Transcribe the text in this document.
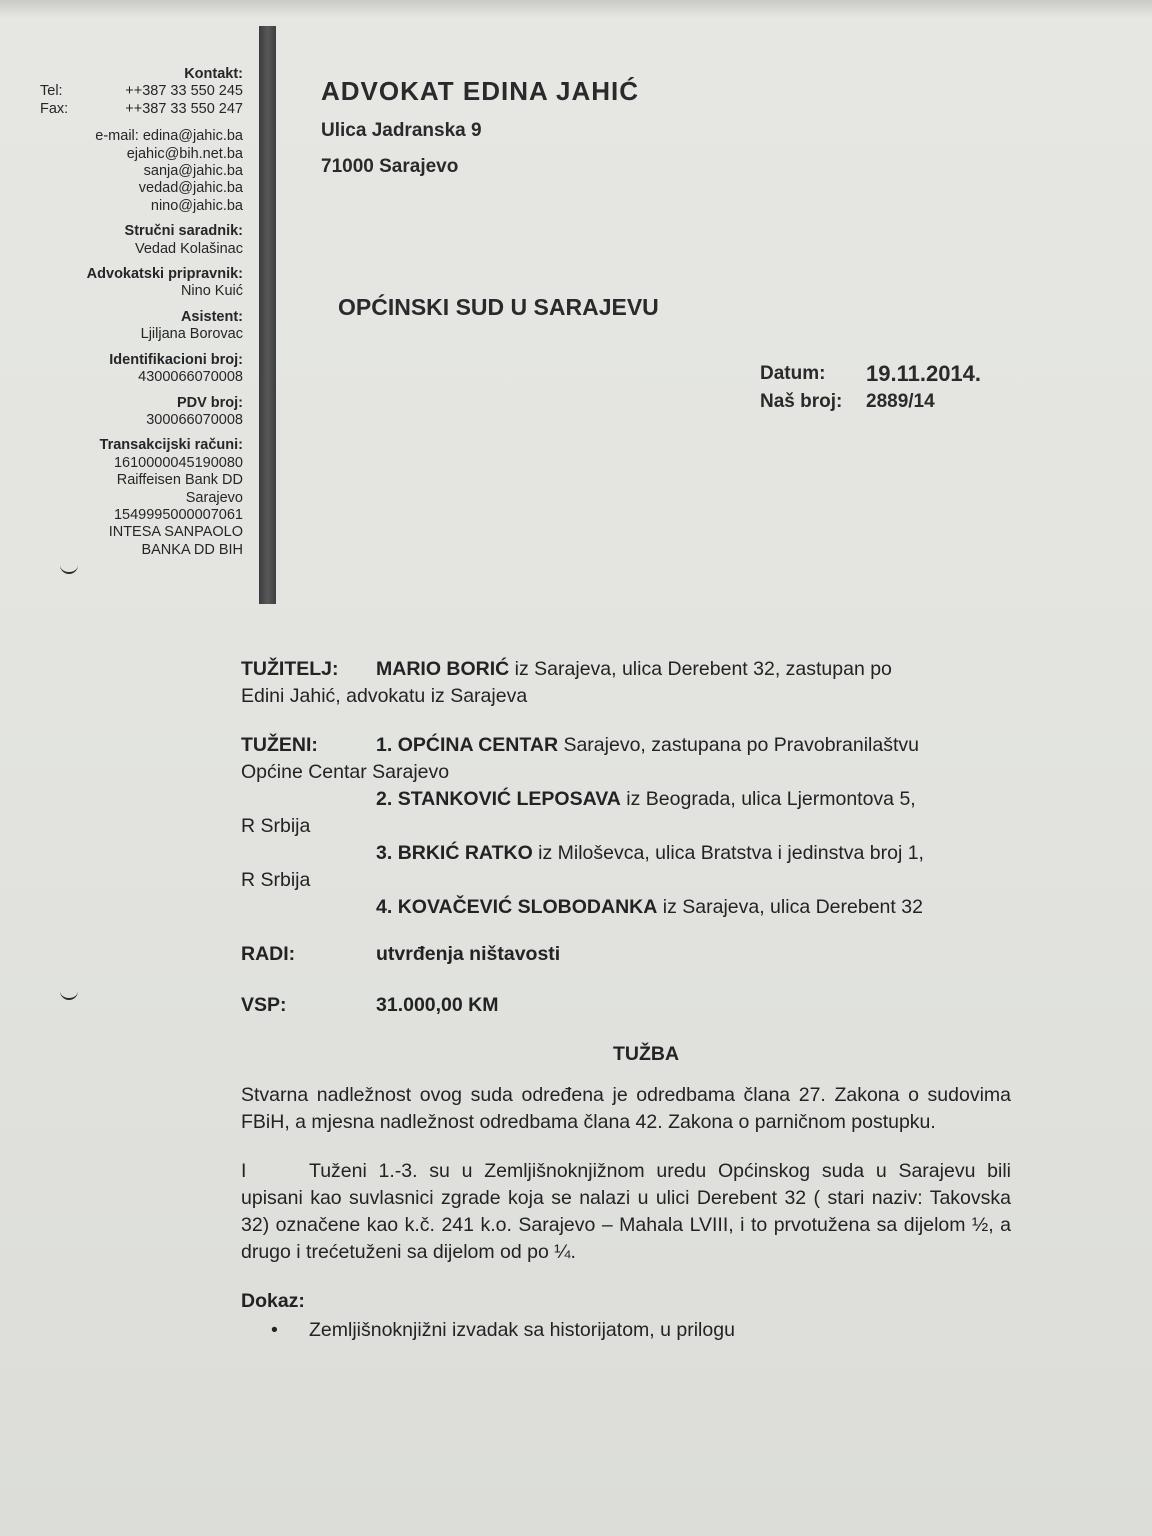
Kontakt:
Tel:	++387 33 550 245
Fax:	++387 33 550 247
e-mail: edina@jahic.ba
ejahic@bih.net.ba
sanja@jahic.ba
vedad@jahic.ba
nino@jahic.ba
Stručni saradnik:
Vedad Kolašinac
Advokatski pripravnik:
Nino Kuić
Asistent:
Ljiljana Borovac
Identifikacioni broj:
4300066070008
PDV broj:
300066070008
Transakcijski računi:
1610000045190080
Raiffeisen Bank DD
Sarajevo
1549995000007061
INTESA SANPAOLO
BANKA DD BIH
ADVOKAT EDINA JAHIĆ
Ulica Jadranska 9
71000 Sarajevo
OPĆINSKI SUD U SARAJEVU
Datum:	19.11.2014.
Naš broj:	2889/14
TUŽITELJ: MARIO BORIĆ iz Sarajeva, ulica Derebent 32, zastupan po
Edini Jahić, advokatu iz Sarajeva
TUŽENI:	1. OPĆINA CENTAR Sarajevo, zastupana po Pravobranilaštvu
Općine Centar Sarajevo
2. STANKOVIĆ LEPOSAVA iz Beograda, ulica Ljermontova 5,
R Srbija
3. BRKIĆ RATKO iz Miloševca, ulica Bratstva i jedinstva broj 1,
R Srbija
4. KOVAČEVIĆ SLOBODANKA iz Sarajeva, ulica Derebent 32
RADI:	utvrđenja ništavosti
VSP:	31.000,00 KM
TUŽBA
Stvarna nadležnost ovog suda određena je odredbama člana 27. Zakona o sudovima FBiH, a mjesna nadležnost odredbama člana 42. Zakona o parničnom postupku.
I	Tuženi 1.-3. su u Zemljišnoknjižnom uredu Općinskog suda u Sarajevu bili upisani kao suvlasnici zgrade koja se nalazi u ulici Derebent 32 ( stari naziv: Takovska 32) označene kao k.č. 241 k.o. Sarajevo – Mahala LVIII, i to prvotužena sa dijelom ½, a drugo i trećetuženi sa dijelom od po ¼.
Dokaz:
•	Zemljišnoknjižni izvadak sa historijatom, u prilogu
